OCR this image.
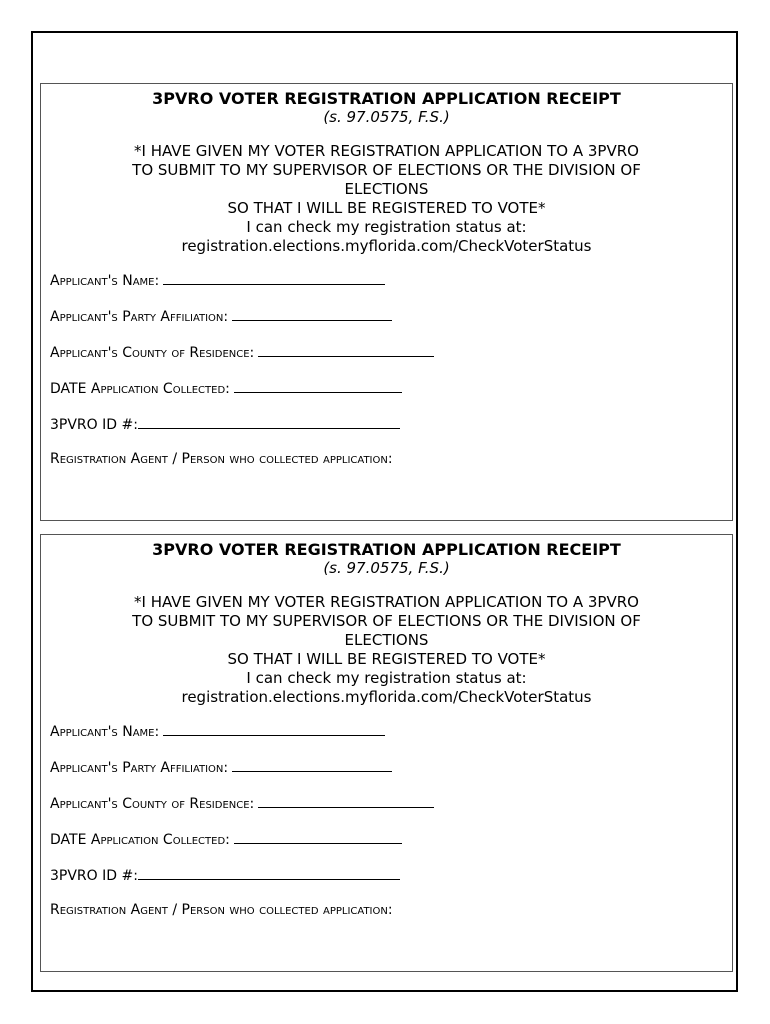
3PVRO VOTER REGISTRATION APPLICATION RECEIPT
(s. 97.0575, F.S.)
*I HAVE GIVEN MY VOTER REGISTRATION APPLICATION TO A 3PVRO
TO SUBMIT TO MY SUPERVISOR OF ELECTIONS OR THE DIVISION OF
ELECTIONS
SO THAT I WILL BE REGISTERED TO VOTE*
I can check my registration status at:
registration.elections.myflorida.com/CheckVoterStatus
Applicant's Name:
Applicant's Party Affiliation:
Applicant's County of Residence:
DATE Application Collected:
3PVRO ID #:
Registration Agent / Person who collected application:
3PVRO VOTER REGISTRATION APPLICATION RECEIPT
(s. 97.0575, F.S.)
*I HAVE GIVEN MY VOTER REGISTRATION APPLICATION TO A 3PVRO
TO SUBMIT TO MY SUPERVISOR OF ELECTIONS OR THE DIVISION OF
ELECTIONS
SO THAT I WILL BE REGISTERED TO VOTE*
I can check my registration status at:
registration.elections.myflorida.com/CheckVoterStatus
Applicant's Name:
Applicant's Party Affiliation:
Applicant's County of Residence:
DATE Application Collected:
3PVRO ID #:
Registration Agent / Person who collected application:
